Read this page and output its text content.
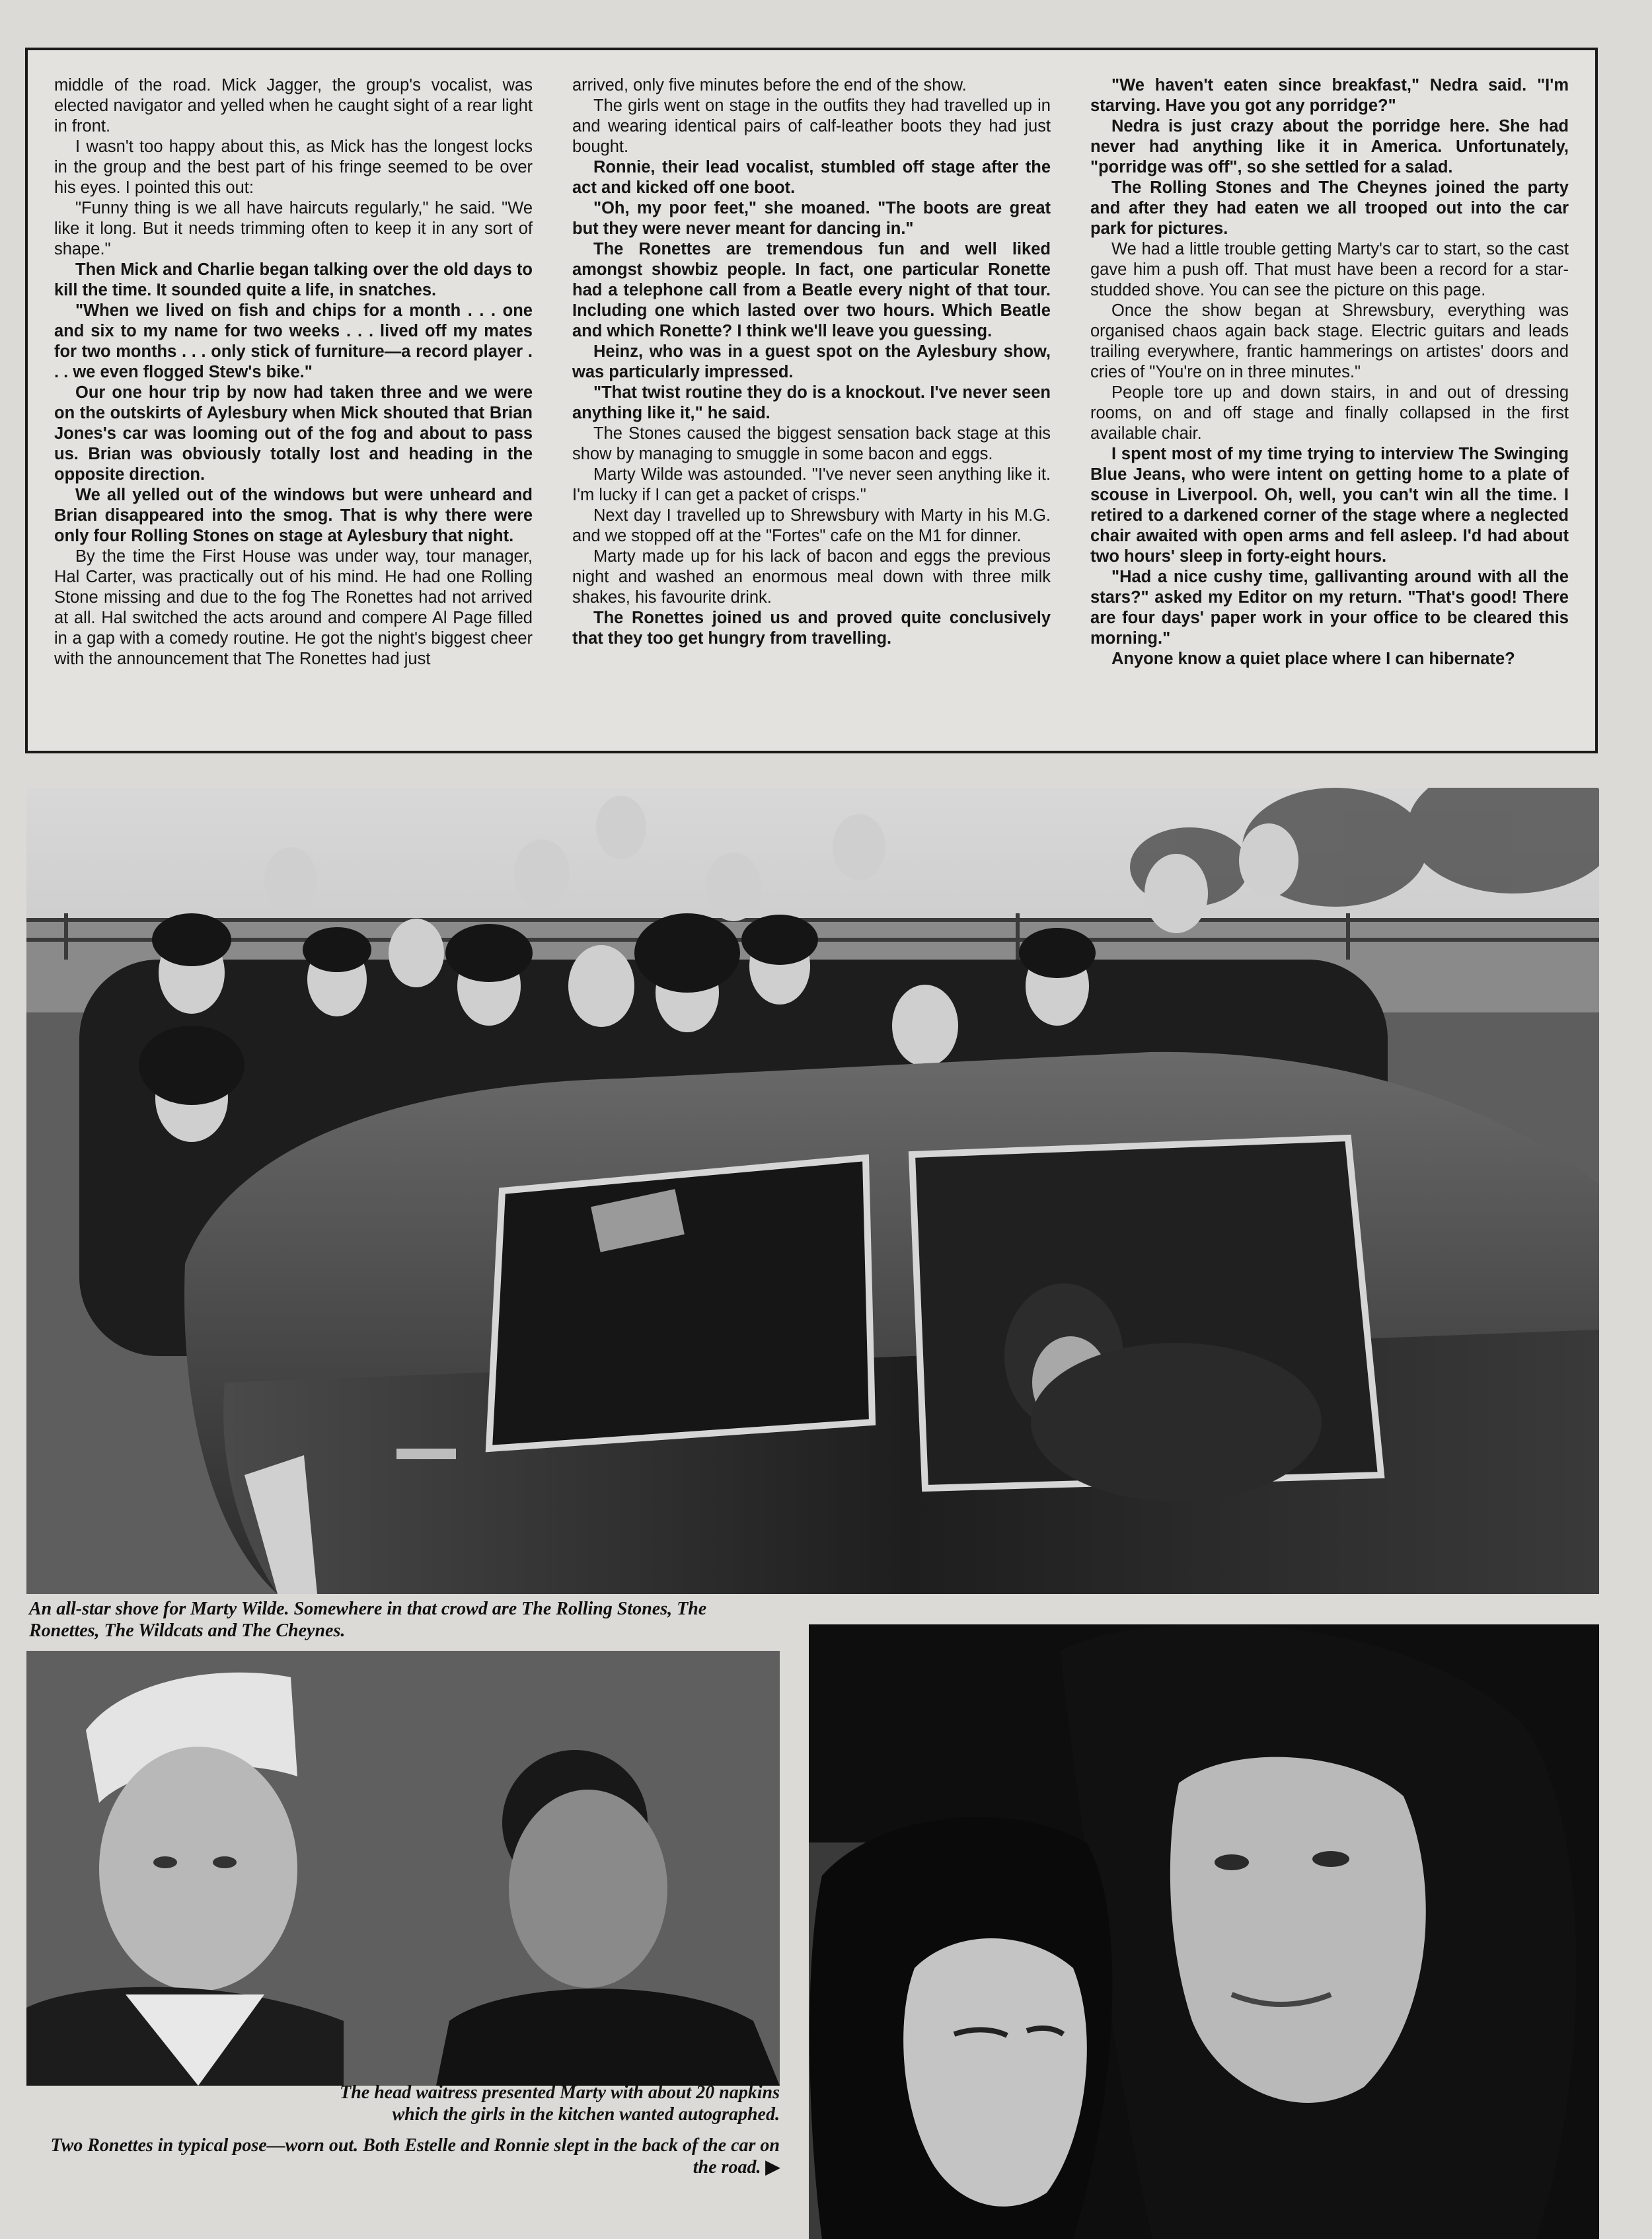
middle of the road. Mick Jagger, the group's vocalist, was elected navigator and yelled when he caught sight of a rear light in front.

I wasn't too happy about this, as Mick has the longest locks in the group and the best part of his fringe seemed to be over his eyes. I pointed this out:

"Funny thing is we all have haircuts regularly," he said. "We like it long. But it needs trimming often to keep it in any sort of shape."

Then Mick and Charlie began talking over the old days to kill the time. It sounded quite a life, in snatches.

"When we lived on fish and chips for a month . . . one and six to my name for two weeks . . . lived off my mates for two months . . . only stick of furniture—a record player . . . we even flogged Stew's bike."

Our one hour trip by now had taken three and we were on the outskirts of Aylesbury when Mick shouted that Brian Jones's car was looming out of the fog and about to pass us. Brian was obviously totally lost and heading in the opposite direction.

We all yelled out of the windows but were unheard and Brian disappeared into the smog. That is why there were only four Rolling Stones on stage at Aylesbury that night.

By the time the First House was under way, tour manager, Hal Carter, was practically out of his mind. He had one Rolling Stone missing and due to the fog The Ronettes had not arrived at all. Hal switched the acts around and compere Al Page filled in a gap with a comedy routine. He got the night's biggest cheer with the announcement that The Ronettes had just

arrived, only five minutes before the end of the show.

The girls went on stage in the outfits they had travelled up in and wearing identical pairs of calf-leather boots they had just bought.

Ronnie, their lead vocalist, stumbled off stage after the act and kicked off one boot.

"Oh, my poor feet," she moaned. "The boots are great but they were never meant for dancing in."

The Ronettes are tremendous fun and well liked amongst showbiz people. In fact, one particular Ronette had a telephone call from a Beatle every night of that tour. Including one which lasted over two hours. Which Beatle and which Ronette? I think we'll leave you guessing.

Heinz, who was in a guest spot on the Aylesbury show, was particularly impressed.

"That twist routine they do is a knockout. I've never seen anything like it," he said.

The Stones caused the biggest sensation back stage at this show by managing to smuggle in some bacon and eggs.

Marty Wilde was astounded. "I've never seen anything like it. I'm lucky if I can get a packet of crisps."

Next day I travelled up to Shrewsbury with Marty in his M.G. and we stopped off at the "Fortes" cafe on the M1 for dinner.

Marty made up for his lack of bacon and eggs the previous night and washed an enormous meal down with three milk shakes, his favourite drink.

The Ronettes joined us and proved quite conclusively that they too get hungry from travelling.

"We haven't eaten since breakfast," Nedra said. "I'm starving. Have you got any porridge?"

Nedra is just crazy about the porridge here. She had never had anything like it in America. Unfortunately, "porridge was off", so she settled for a salad.

The Rolling Stones and The Cheynes joined the party and after they had eaten we all trooped out into the car park for pictures.

We had a little trouble getting Marty's car to start, so the cast gave him a push off. That must have been a record for a star-studded shove. You can see the picture on this page.

Once the show began at Shrewsbury, everything was organised chaos again back stage. Electric guitars and leads trailing everywhere, frantic hammerings on artistes' doors and cries of "You're on in three minutes."

People tore up and down stairs, in and out of dressing rooms, on and off stage and finally collapsed in the first available chair.

I spent most of my time trying to interview The Swinging Blue Jeans, who were intent on getting home to a plate of scouse in Liverpool. Oh, well, you can't win all the time. I retired to a darkened corner of the stage where a neglected chair awaited with open arms and fell asleep. I'd had about two hours' sleep in forty-eight hours.

"Had a nice cushy time, gallivanting around with all the stars?" asked my Editor on my return. "That's good! There are four days' paper work in your office to be cleared this morning."

Anyone know a quiet place where I can hibernate?

An all-star shove for Marty Wilde. Somewhere in that crowd are The Rolling Stones, The Ronettes, The Wildcats and The Cheynes.
The head waitress presented Marty with about 20 napkins which the girls in the kitchen wanted autographed.
Two Ronettes in typical pose—worn out. Both Estelle and Ronnie slept in the back of the car on the road. ▶
